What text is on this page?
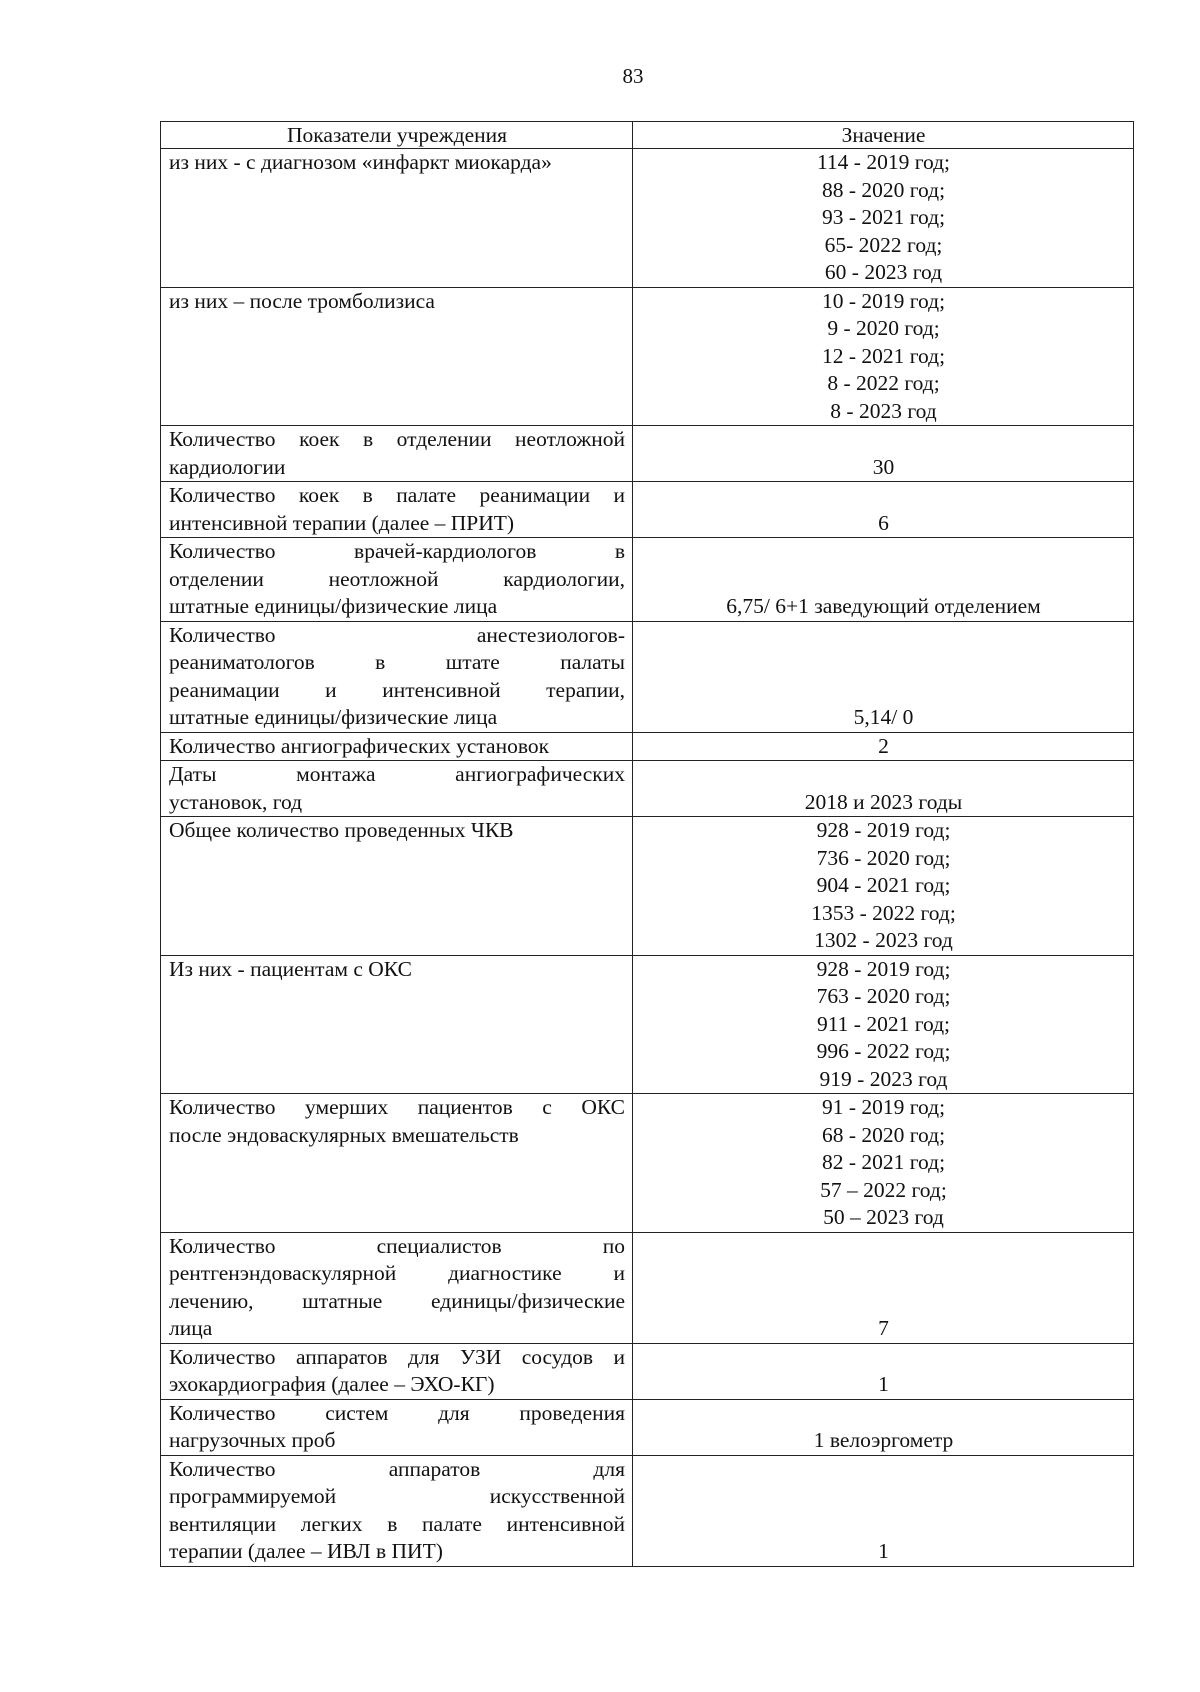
83
Показатели учреждения	Значение
из них - с диагнозом «инфаркт миокарда»	114 - 2019 год;
88 - 2020 год;
93 - 2021 год;
65- 2022 год;
60 - 2023 год

из них – после тромболизиса	10 - 2019 год;
9 - 2020 год;
12 - 2021 год;
8 - 2022 год;
8 - 2023 год

Количество коек в отделении неотложной
кардиологии	30

Количество коек в палате реанимации и
интенсивной терапии (далее – ПРИТ)	6

Количество врачей-кардиологов в
отделении неотложной кардиологии,
штатные единицы/физические лица	6,75/ 6+1 заведующий отделением

Количество анестезиологов-
реаниматологов в штате палаты
реанимации и интенсивной терапии,
штатные единицы/физические лица	5,14/ 0

Количество ангиографических установок	2

Даты монтажа ангиографических
установок, год	2018 и 2023 годы

Общее количество проведенных ЧКВ	928 - 2019 год;
736 - 2020 год;
904 - 2021 год;
1353 - 2022 год;
1302 - 2023 год

Из них - пациентам с ОКС	928 - 2019 год;
763 - 2020 год;
911 - 2021 год;
996 - 2022 год;
919 - 2023 год

Количество умерших пациентов с ОКС
после эндоваскулярных вмешательств	91 - 2019 год;
68 - 2020 год;
82 - 2021 год;
57 – 2022 год;
50 – 2023 год

Количество специалистов по
рентгенэндоваскулярной диагностике и
лечению, штатные единицы/физические
лица	7

Количество аппаратов для УЗИ сосудов и
эхокардиография (далее – ЭХО-КГ)	1

Количество систем для проведения
нагрузочных проб	1 велоэргометр

Количество аппаратов для
программируемой искусственной
вентиляции легких в палате интенсивной
терапии (далее – ИВЛ в ПИТ)	1
